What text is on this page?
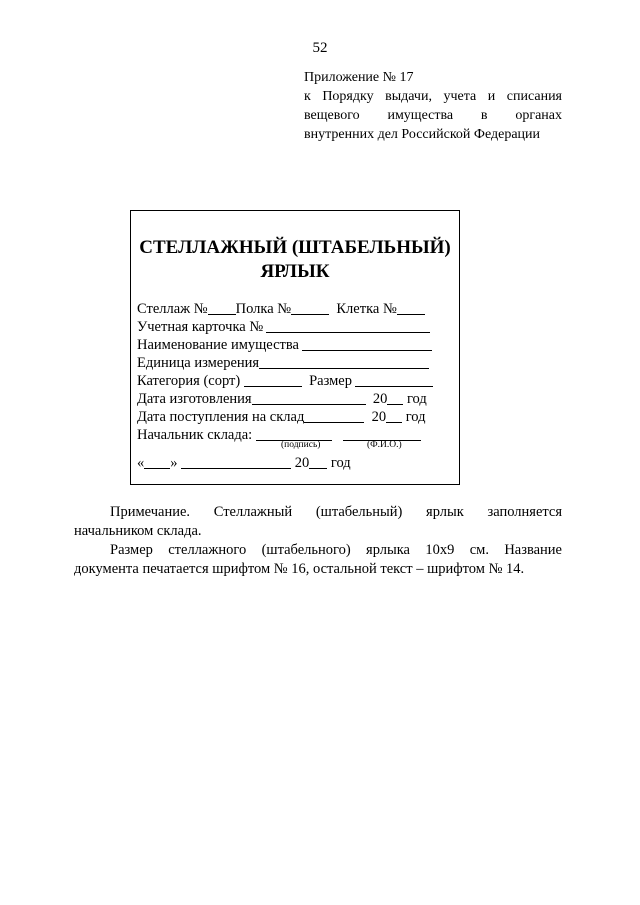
52
Приложение № 17
к Порядку выдачи, учета и списания
вещевого имущества в органах
внутренних дел Российской Федерации
СТЕЛЛАЖНЫЙ (ШТАБЕЛЬНЫЙ)
ЯРЛЫК
Стеллаж № Полка №	Клетка №
Учетная карточка №
Наименование имущества
Единица измерения
Категория (сорт)	Размер
Дата изготовления	20 год
Дата поступления на склад	20 год
Начальник склада:
(подпись)	(Ф.И.О.)
« »	20 год
Примечание. Стеллажный (штабельный) ярлык заполняется
начальником склада.
Размер стеллажного (штабельного) ярлыка 10х9 см. Название
документа печатается шрифтом № 16, остальной текст – шрифтом № 14.
